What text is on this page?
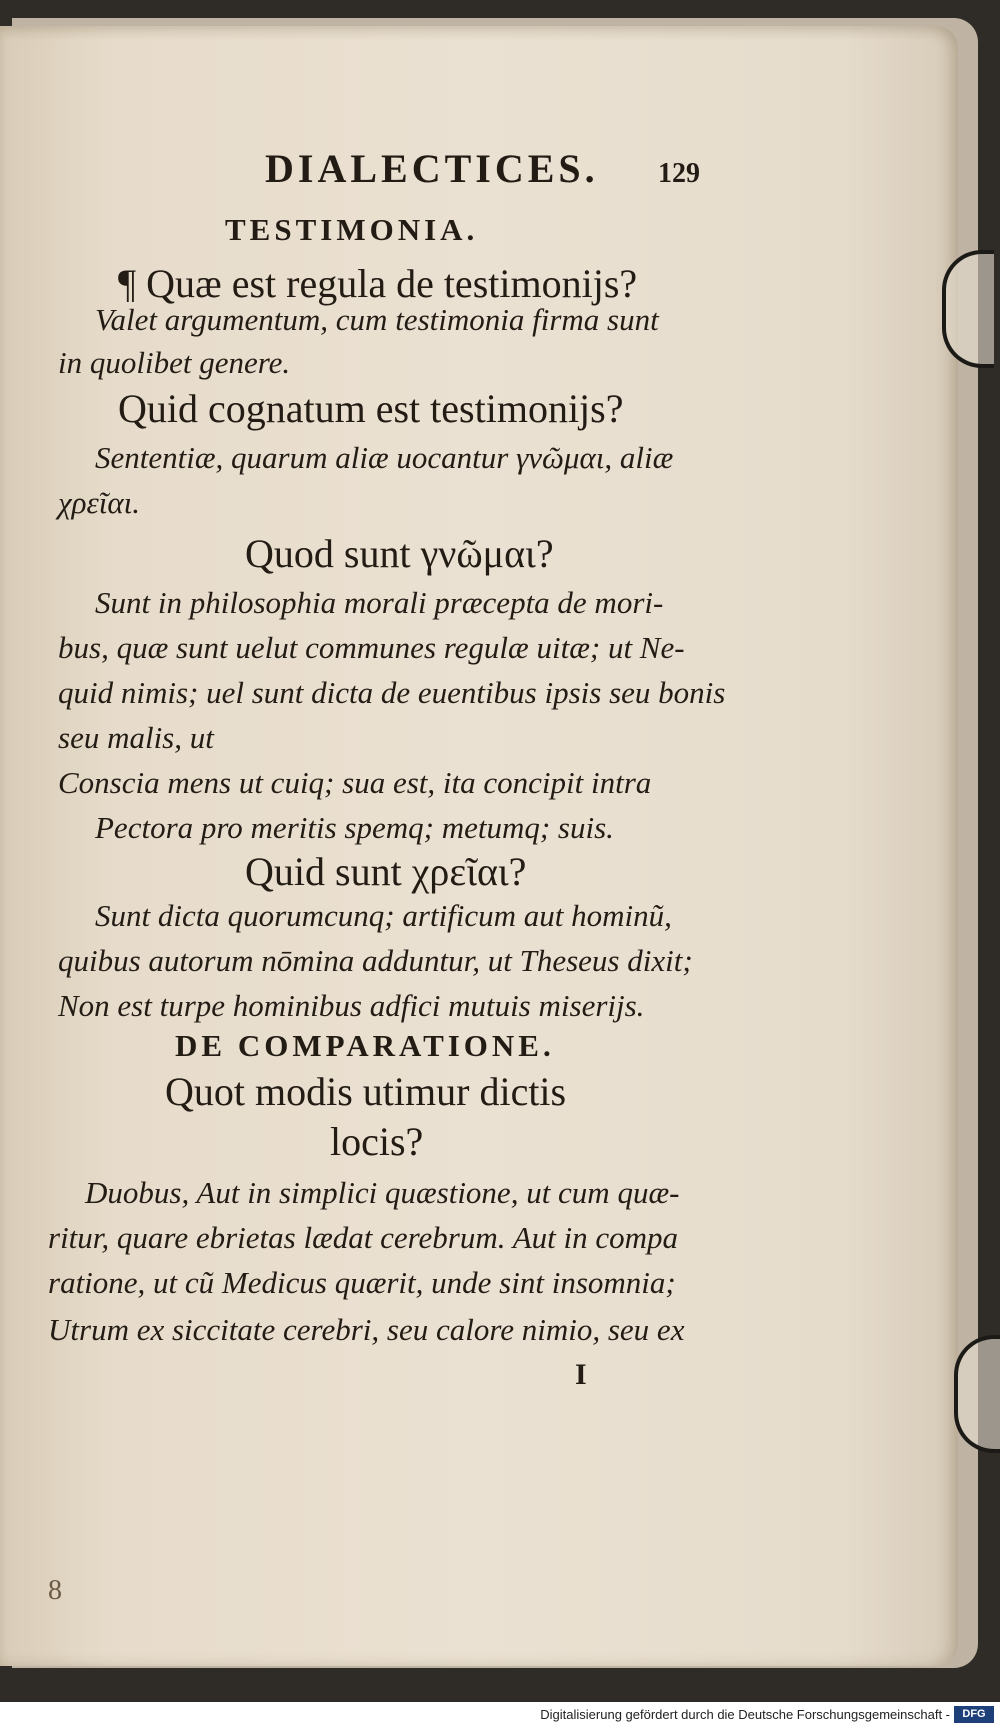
DIALECTICES. 129
TESTIMONIA.
¶ Quæ est regula de testimonijs?
Valet argumentum, cum testimonia firma sunt
in quolibet genere.
Quid cognatum est testimonijs?
Sententiæ, quarum aliæ uocantur γνῶμαι, aliæ
χρεῖαι.
Quod sunt γνῶμαι?
Sunt in philosophia morali præcepta de mori-
bus, quæ sunt uelut communes regulæ uitæ; ut Ne-
quid nimis; uel sunt dicta de euentibus ipsis seu bonis
seu malis, ut
Conscia mens ut cuiq; sua est, ita concipit intra
Pectora pro meritis spemq; metumq; suis.
Quid sunt χρεῖαι?
Sunt dicta quorumcunq; artificum aut hominũ,
quibus autorum nōmina adduntur, ut Theseus dixit;
Non est turpe hominibus adfici mutuis miserijs.
DE COMPARATIONE.
Quot modis utimur dictis
locis?
Duobus, Aut in simplici quæstione, ut cum quæ-
ritur, quare ebrietas lædat cerebrum. Aut in compa
ratione, ut cũ Medicus quærit, unde sint insomnia;
Utrum ex siccitate cerebri, seu calore nimio, seu ex
I
8
Digitalisierung gefördert durch die Deutsche Forschungsgemeinschaft -	DFG
